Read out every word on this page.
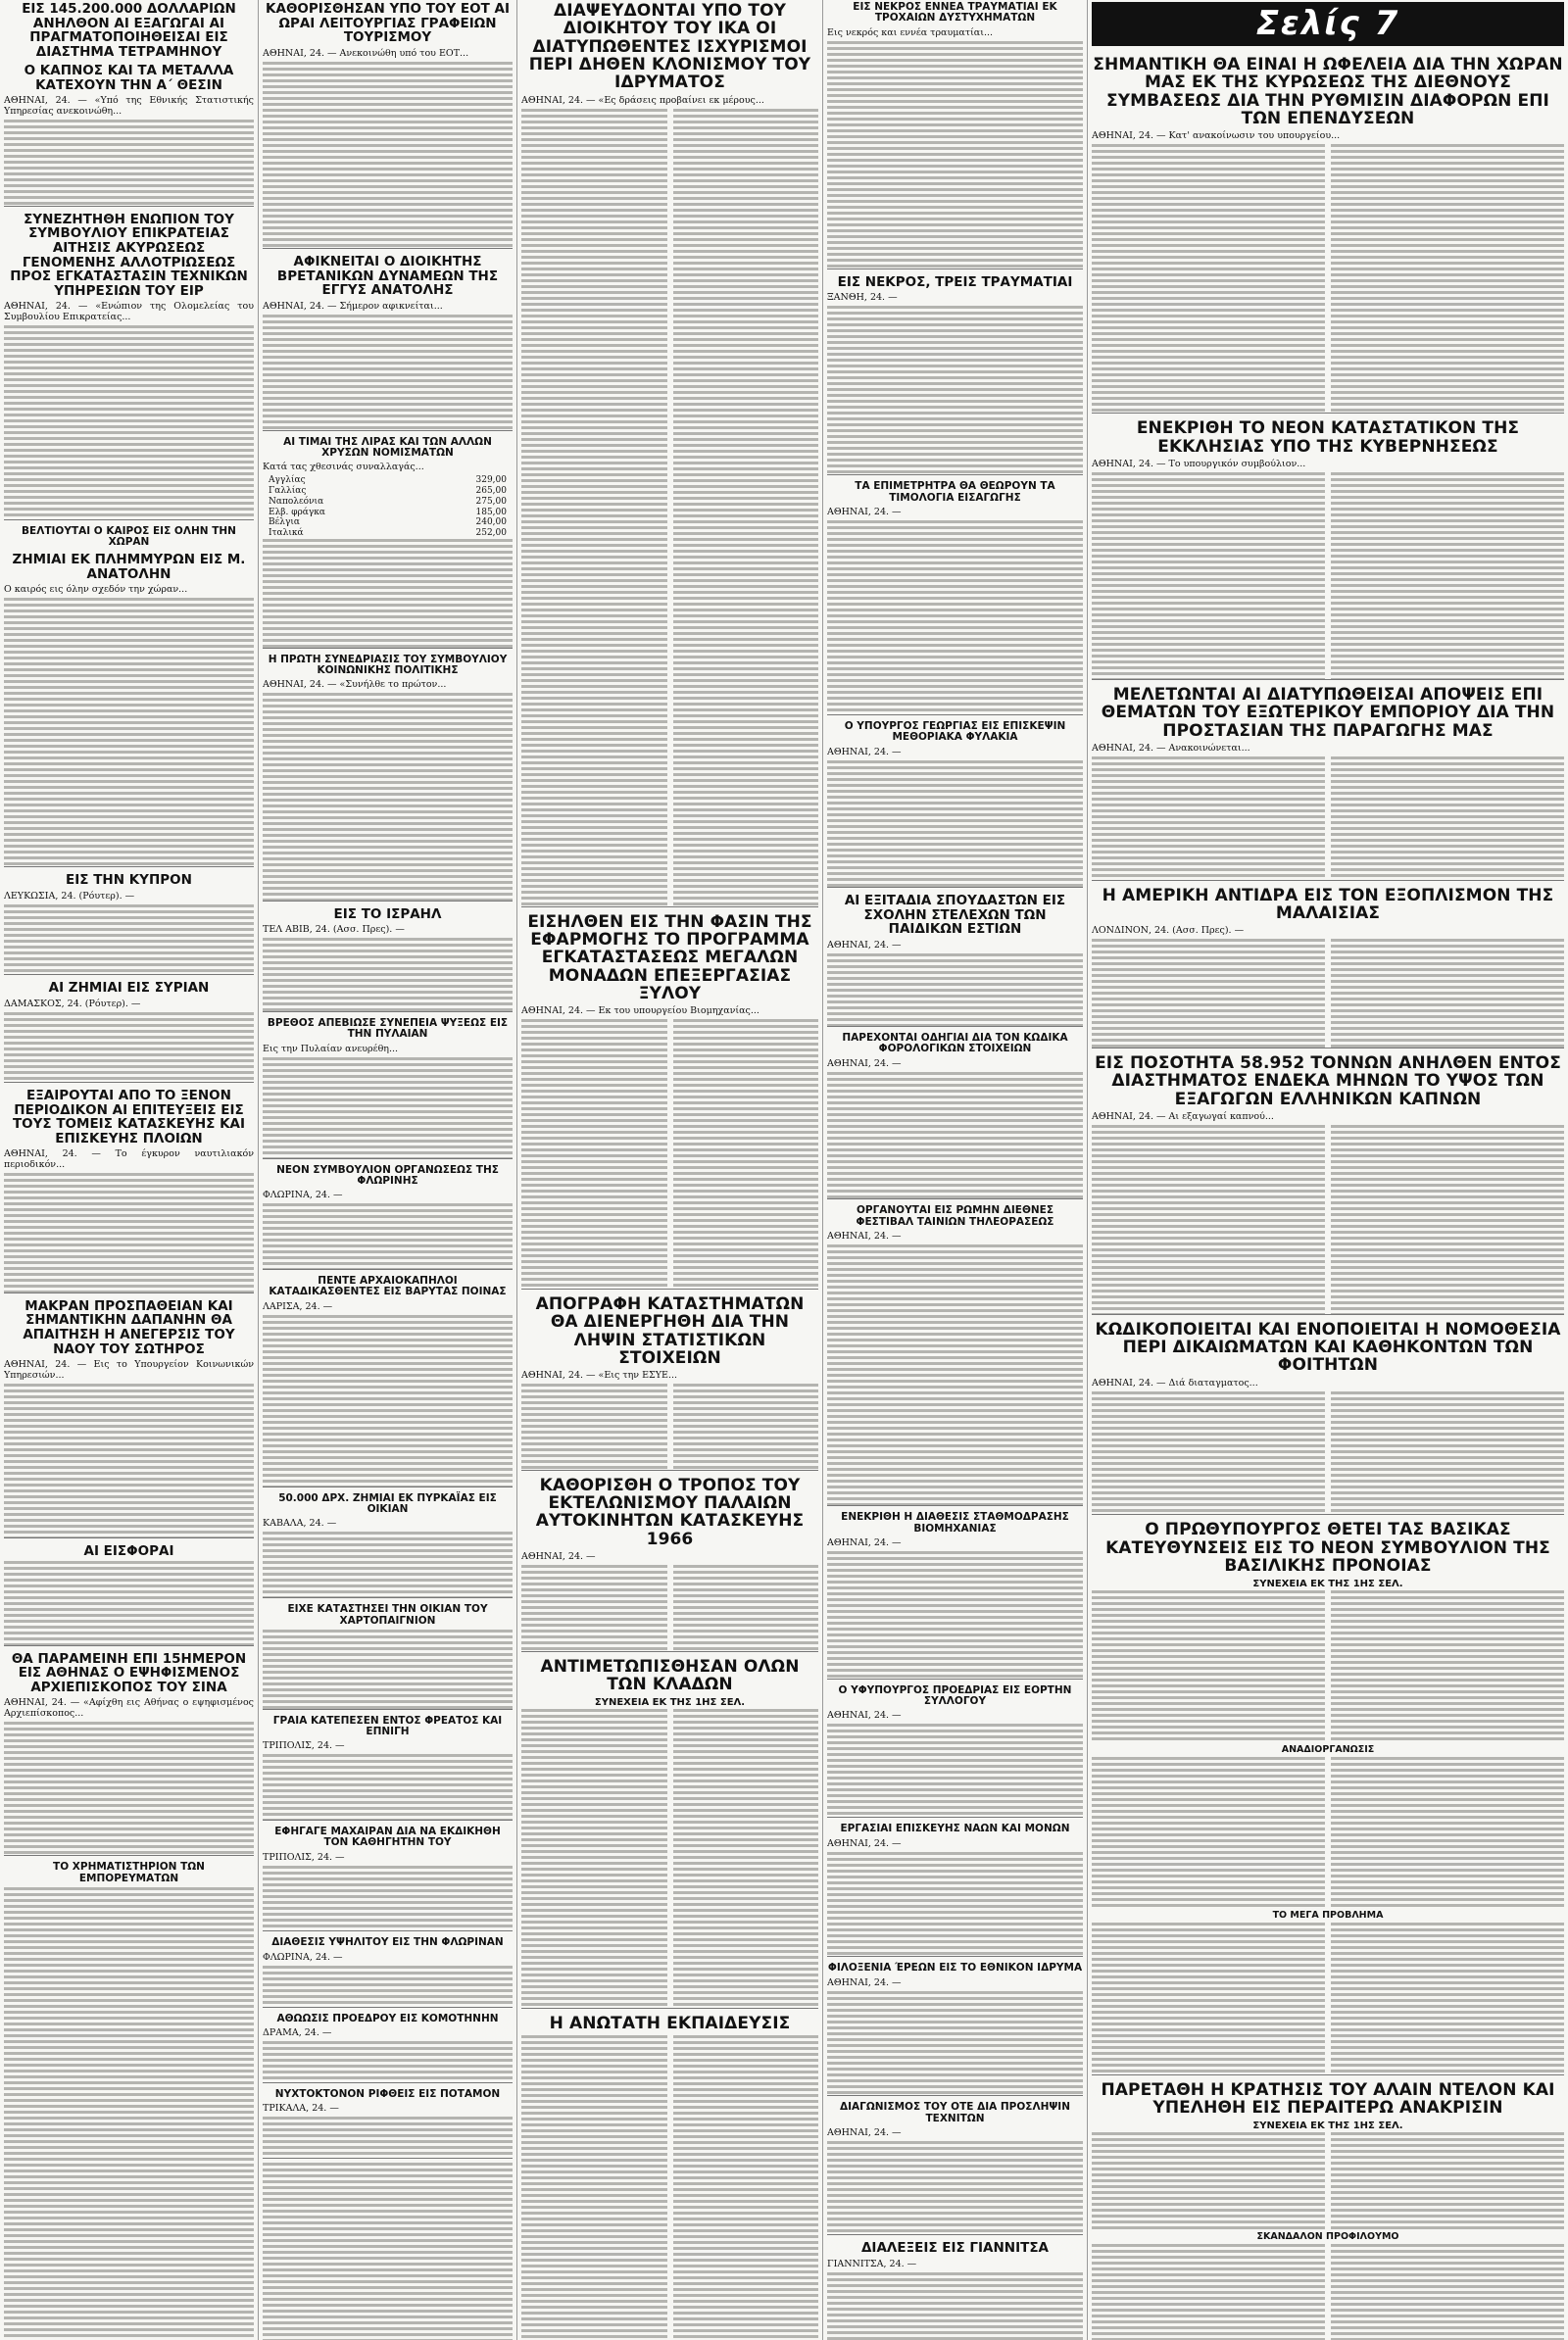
ΕΙΣ 145.200.000 ΔΟΛΛΑΡΙΩΝ ΑΝΗΛΘΟΝ ΑΙ ΕΞΑΓΩΓΑΙ ΑΙ ΠΡΑΓΜΑΤΟΠΟΙΗΘΕΙΣΑΙ ΕΙΣ ΔΙΑΣΤΗΜΑ ΤΕΤΡΑΜΗΝΟΥ
Ο ΚΑΠΝΟΣ ΚΑΙ ΤΑ ΜΕΤΑΛΛΑ ΚΑΤΕΧΟΥΝ ΤΗΝ Α΄ ΘΕΣΙΝ
ΑΘΗΝΑΙ, 24. — «Υπό της Εθνικής Στατιστικής Υπηρεσίας ανεκοινώθη...
ΣΥΝΕΖΗΤΗΘΗ ΕΝΩΠΙΟΝ ΤΟΥ ΣΥΜΒΟΥΛΙΟΥ ΕΠΙΚΡΑΤΕΙΑΣ ΑΙΤΗΣΙΣ ΑΚΥΡΩΣΕΩΣ ΓΕΝΟΜΕΝΗΣ ΑΛΛΟΤΡΙΩΣΕΩΣ ΠΡΟΣ ΕΓΚΑΤΑΣΤΑΣΙΝ ΤΕΧΝΙΚΩΝ ΥΠΗΡΕΣΙΩΝ ΤΟΥ ΕΙΡ
ΑΘΗΝΑΙ, 24. — «Ενώπιον της Ολομελείας του Συμβουλίου Επικρατείας...
ΒΕΛΤΙΟΥΤΑΙ Ο ΚΑΙΡΟΣ ΕΙΣ ΟΛΗΝ ΤΗΝ ΧΩΡΑΝ
ΖΗΜΙΑΙ ΕΚ ΠΛΗΜΜΥΡΩΝ ΕΙΣ Μ. ΑΝΑΤΟΛΗΝ
Ο καιρός εις όλην σχεδόν την χώραν...
ΕΙΣ ΤΗΝ ΚΥΠΡΟΝ
ΛΕΥΚΩΣΙΑ, 24. (Ρόυτερ). —
ΑΙ ΖΗΜΙΑΙ ΕΙΣ ΣΥΡΙΑΝ
ΔΑΜΑΣΚΟΣ, 24. (Ρόυτερ). —
ΕΞΑΙΡΟΥΤΑΙ ΑΠΟ ΤΟ ΞΕΝΟΝ ΠΕΡΙΟΔΙΚΟΝ ΑΙ ΕΠΙΤΕΥΞΕΙΣ ΕΙΣ ΤΟΥΣ ΤΟΜΕΙΣ ΚΑΤΑΣΚΕΥΗΣ ΚΑΙ ΕΠΙΣΚΕΥΗΣ ΠΛΟΙΩΝ
ΑΘΗΝΑΙ, 24. — Το έγκυρον ναυτιλιακόν περιοδικόν...
ΜΑΚΡΑΝ ΠΡΟΣΠΑΘΕΙΑΝ ΚΑΙ ΣΗΜΑΝΤΙΚΗΝ ΔΑΠΑΝΗΝ ΘΑ ΑΠΑΙΤΗΣΗ Η ΑΝΕΓΕΡΣΙΣ ΤΟΥ ΝΑΟΥ ΤΟΥ ΣΩΤΗΡΟΣ
ΑΘΗΝΑΙ, 24. — Εις το Υπουργείον Κοινωνικών Υπηρεσιών...
ΑΙ ΕΙΣΦΟΡΑΙ
ΘΑ ΠΑΡΑΜΕΙΝΗ ΕΠΙ 15ΗΜΕΡΟΝ ΕΙΣ ΑΘΗΝΑΣ Ο ΕΨΗΦΙΣΜΕΝΟΣ ΑΡΧΙΕΠΙΣΚΟΠΟΣ ΤΟΥ ΣΙΝΑ
ΑΘΗΝΑΙ, 24. — «Αφίχθη εις Αθήνας ο εψηφισμένος Αρχιεπίσκοπος...
ΤΟ ΧΡΗΜΑΤΙΣΤΗΡΙΟΝ ΤΩΝ ΕΜΠΟΡΕΥΜΑΤΩΝ
ΚΑΘΟΡΙΣΘΗΣΑΝ ΥΠΟ ΤΟΥ ΕΟΤ ΑΙ ΩΡΑΙ ΛΕΙΤΟΥΡΓΙΑΣ ΓΡΑΦΕΙΩΝ ΤΟΥΡΙΣΜΟΥ
ΑΘΗΝΑΙ, 24. — Ανεκοινώθη υπό του ΕΟΤ...
ΑΦΙΚΝΕΙΤΑΙ Ο ΔΙΟΙΚΗΤΗΣ ΒΡΕΤΑΝΙΚΩΝ ΔΥΝΑΜΕΩΝ ΤΗΣ ΕΓΓΥΣ ΑΝΑΤΟΛΗΣ
ΑΘΗΝΑΙ, 24. — Σήμερον αφικνείται...
ΑΙ ΤΙΜΑΙ ΤΗΣ ΛΙΡΑΣ ΚΑΙ ΤΩΝ ΑΛΛΩΝ ΧΡΥΣΩΝ ΝΟΜΙΣΜΑΤΩΝ
Κατά τας χθεσινάς συναλλαγάς...
Αγγλίας	329,00
Γαλλίας	265,00
Ναπολεόνια	275,00
Ελβ. φράγκα	185,00
Βέλγια	240,00
Ιταλικά	252,00
Η ΠΡΩΤΗ ΣΥΝΕΔΡΙΑΣΙΣ ΤΟΥ ΣΥΜΒΟΥΛΙΟΥ ΚΟΙΝΩΝΙΚΗΣ ΠΟΛΙΤΙΚΗΣ
ΑΘΗΝΑΙ, 24. — «Συνήλθε το πρώτον...
ΕΙΣ ΤΟ ΙΣΡΑΗΛ
ΤΕΛ ΑΒΙΒ, 24. (Ασσ. Πρες). —
ΒΡΕΘΟΣ ΑΠΕΒΙΩΣΕ ΣΥΝΕΠΕΙΑ ΨΥΞΕΩΣ ΕΙΣ ΤΗΝ ΠΥΛΑΙΑΝ
Εις την Πυλαίαν ανευρέθη...
ΝΕΟΝ ΣΥΜΒΟΥΛΙΟΝ ΟΡΓΑΝΩΣΕΩΣ ΤΗΣ ΦΛΩΡΙΝΗΣ
ΦΛΩΡΙΝΑ, 24. —
ΠΕΝΤΕ ΑΡΧΑΙΟΚΑΠΗΛΟΙ ΚΑΤΑΔΙΚΑΣΘΕΝΤΕΣ ΕΙΣ ΒΑΡΥΤΑΣ ΠΟΙΝΑΣ
ΛΑΡΙΣΑ, 24. —
50.000 ΔΡΧ. ΖΗΜΙΑΙ ΕΚ ΠΥΡΚΑΪΑΣ ΕΙΣ ΟΙΚΙΑΝ
ΚΑΒΑΛΑ, 24. —
ΕΙΧΕ ΚΑΤΑΣΤΗΣΕΙ ΤΗΝ ΟΙΚΙΑΝ ΤΟΥ ΧΑΡΤΟΠΑΙΓΝΙΟΝ
ΓΡΑΙΑ ΚΑΤΕΠΕΣΕΝ ΕΝΤΟΣ ΦΡΕΑΤΟΣ ΚΑΙ ΕΠΝΙΓΗ
ΤΡΙΠΟΛΙΣ, 24. —
ΕΦΗΓΑΓΕ ΜΑΧΑΙΡΑΝ ΔΙΑ ΝΑ ΕΚΔΙΚΗΘΗ ΤΟΝ ΚΑΘΗΓΗΤΗΝ ΤΟΥ
ΤΡΙΠΟΛΙΣ, 24. —
ΔΙΑΘΕΣΙΣ ΥΨΗΛΙΤΟΥ ΕΙΣ ΤΗΝ ΦΛΩΡΙΝΑΝ
ΦΛΩΡΙΝΑ, 24. —
ΑΘΩΩΣΙΣ ΠΡΟΕΔΡΟΥ ΕΙΣ ΚΟΜΟΤΗΝΗΝ
ΔΡΑΜΑ, 24. —
ΝΥΧΤΟΚΤΟΝΟΝ ΡΙΦΘΕΙΣ ΕΙΣ ΠΟΤΑΜΟΝ
ΤΡΙΚΑΛΑ, 24. —
ΔΙΑΨΕΥΔΟΝΤΑΙ ΥΠΟ ΤΟΥ ΔΙΟΙΚΗΤΟΥ ΤΟΥ ΙΚΑ ΟΙ ΔΙΑΤΥΠΩΘΕΝΤΕΣ ΙΣΧΥΡΙΣΜΟΙ ΠΕΡΙ ΔΗΘΕΝ ΚΛΟΝΙΣΜΟΥ ΤΟΥ ΙΔΡΥΜΑΤΟΣ
ΑΘΗΝΑΙ, 24. — «Ες δράσεις προβαίνει εκ μέρους...
ΕΙΣΗΛΘΕΝ ΕΙΣ ΤΗΝ ΦΑΣΙΝ ΤΗΣ ΕΦΑΡΜΟΓΗΣ ΤΟ ΠΡΟΓΡΑΜΜΑ ΕΓΚΑΤΑΣΤΑΣΕΩΣ ΜΕΓΑΛΩΝ ΜΟΝΑΔΩΝ ΕΠΕΞΕΡΓΑΣΙΑΣ ΞΥΛΟΥ
ΑΘΗΝΑΙ, 24. — Εκ του υπουργείου Βιομηχανίας...
ΑΠΟΓΡΑΦΗ ΚΑΤΑΣΤΗΜΑΤΩΝ ΘΑ ΔΙΕΝΕΡΓΗΘΗ ΔΙΑ ΤΗΝ ΛΗΨΙΝ ΣΤΑΤΙΣΤΙΚΩΝ ΣΤΟΙΧΕΙΩΝ
ΑΘΗΝΑΙ, 24. — «Εις την ΕΣΥΕ...
ΚΑΘΟΡΙΣΘΗ Ο ΤΡΟΠΟΣ ΤΟΥ ΕΚΤΕΛΩΝΙΣΜΟΥ ΠΑΛΑΙΩΝ ΑΥΤΟΚΙΝΗΤΩΝ ΚΑΤΑΣΚΕΥΗΣ 1966
ΑΘΗΝΑΙ, 24. —
ΑΝΤΙΜΕΤΩΠΙΣΘΗΣΑΝ ΟΛΩΝ ΤΩΝ ΚΛΑΔΩΝ
ΣΥΝΕΧΕΙΑ ΕΚ ΤΗΣ 1ΗΣ ΣΕΛ.
Η ΑΝΩΤΑΤΗ ΕΚΠΑΙΔΕΥΣΙΣ
ΕΙΣ ΝΕΚΡΟΣ ΕΝΝΕΑ ΤΡΑΥΜΑΤΙΑΙ ΕΚ ΤΡΟΧΑΙΩΝ ΔΥΣΤΥΧΗΜΑΤΩΝ
Εις νεκρός και εννέα τραυματίαι...
ΕΙΣ ΝΕΚΡΟΣ, ΤΡΕΙΣ ΤΡΑΥΜΑΤΙΑΙ
ΞΑΝΘΗ, 24. —
ΤΑ ΕΠΙΜΕΤΡΗΤΡΑ ΘΑ ΘΕΩΡΟΥΝ ΤΑ ΤΙΜΟΛΟΓΙΑ ΕΙΣΑΓΩΓΗΣ
ΑΘΗΝΑΙ, 24. —
Ο ΥΠΟΥΡΓΟΣ ΓΕΩΡΓΙΑΣ ΕΙΣ ΕΠΙΣΚΕΨΙΝ ΜΕΘΟΡΙΑΚΑ ΦΥΛΑΚΙΑ
ΑΘΗΝΑΙ, 24. —
ΑΙ ΕΞΙΤΑΔΙΑ ΣΠΟΥΔΑΣΤΩΝ ΕΙΣ ΣΧΟΛΗΝ ΣΤΕΛΕΧΩΝ ΤΩΝ ΠΑΙΔΙΚΩΝ ΕΣΤΙΩΝ
ΑΘΗΝΑΙ, 24. —
ΠΑΡΕΧΟΝΤΑΙ ΟΔΗΓΙΑΙ ΔΙΑ ΤΟΝ ΚΩΔΙΚΑ ΦΟΡΟΛΟΓΙΚΩΝ ΣΤΟΙΧΕΙΩΝ
ΑΘΗΝΑΙ, 24. —
ΟΡΓΑΝΟΥΤΑΙ ΕΙΣ ΡΩΜΗΝ ΔΙΕΘΝΕΣ ΦΕΣΤΙΒΑΛ ΤΑΙΝΙΩΝ ΤΗΛΕΟΡΑΣΕΩΣ
ΑΘΗΝΑΙ, 24. —
ΕΝΕΚΡΙΘΗ Η ΔΙΑΘΕΣΙΣ ΣΤΑΘΜΟΔΡΑΣΗΣ ΒΙΟΜΗΧΑΝΙΑΣ
ΑΘΗΝΑΙ, 24. —
Ο ΥΦΥΠΟΥΡΓΟΣ ΠΡΟΕΔΡΙΑΣ ΕΙΣ ΕΟΡΤΗΝ ΣΥΛΛΟΓΟΥ
ΑΘΗΝΑΙ, 24. —
ΕΡΓΑΣΙΑΙ ΕΠΙΣΚΕΥΗΣ ΝΑΩΝ ΚΑΙ ΜΟΝΩΝ
ΑΘΗΝΑΙ, 24. —
ΦΙΛΟΞΕΝΙΑ ΈΡΕΩΝ ΕΙΣ ΤΟ ΕΘΝΙΚΟΝ ΙΔΡΥΜΑ
ΑΘΗΝΑΙ, 24. —
ΔΙΑΓΩΝΙΣΜΟΣ ΤΟΥ ΟΤΕ ΔΙΑ ΠΡΟΣΛΗΨΙΝ ΤΕΧΝΙΤΩΝ
ΑΘΗΝΑΙ, 24. —
ΔΙΑΛΕΞΕΙΣ ΕΙΣ ΓΙΑΝΝΙΤΣΑ
ΓΙΑΝΝΙΤΣΑ, 24. —
Σελίς 7
ΣΗΜΑΝΤΙΚΗ ΘΑ ΕΙΝΑΙ Η ΩΦΕΛΕΙΑ ΔΙΑ ΤΗΝ ΧΩΡΑΝ ΜΑΣ ΕΚ ΤΗΣ ΚΥΡΩΣΕΩΣ ΤΗΣ ΔΙΕΘΝΟΥΣ ΣΥΜΒΑΣΕΩΣ ΔΙΑ ΤΗΝ ΡΥΘΜΙΣΙΝ ΔΙΑΦΟΡΩΝ ΕΠΙ ΤΩΝ ΕΠΕΝΔΥΣΕΩΝ
ΑΘΗΝΑΙ, 24. — Κατ' ανακοίνωσιν του υπουργείου...
ΕΝΕΚΡΙΘΗ ΤΟ ΝΕΟΝ ΚΑΤΑΣΤΑΤΙΚΟΝ ΤΗΣ ΕΚΚΛΗΣΙΑΣ ΥΠΟ ΤΗΣ ΚΥΒΕΡΝΗΣΕΩΣ
ΑΘΗΝΑΙ, 24. — Το υπουργικόν συμβούλιον...
ΜΕΛΕΤΩΝΤΑΙ ΑΙ ΔΙΑΤΥΠΩΘΕΙΣΑΙ ΑΠΟΨΕΙΣ ΕΠΙ ΘΕΜΑΤΩΝ ΤΟΥ ΕΞΩΤΕΡΙΚΟΥ ΕΜΠΟΡΙΟΥ ΔΙΑ ΤΗΝ ΠΡΟΣΤΑΣΙΑΝ ΤΗΣ ΠΑΡΑΓΩΓΗΣ ΜΑΣ
ΑΘΗΝΑΙ, 24. — Ανακοινώνεται...
Η ΑΜΕΡΙΚΗ ΑΝΤΙΔΡΑ ΕΙΣ ΤΟΝ ΕΞΟΠΛΙΣΜΟΝ ΤΗΣ ΜΑΛΑΙΣΙΑΣ
ΛΟΝΔΙΝΟΝ, 24. (Ασσ. Πρες). —
ΕΙΣ ΠΟΣΟΤΗΤΑ 58.952 ΤΟΝΝΩΝ ΑΝΗΛΘΕΝ ΕΝΤΟΣ ΔΙΑΣΤΗΜΑΤΟΣ ΕΝΔΕΚΑ ΜΗΝΩΝ ΤΟ ΥΨΟΣ ΤΩΝ ΕΞΑΓΩΓΩΝ ΕΛΛΗΝΙΚΩΝ ΚΑΠΝΩΝ
ΑΘΗΝΑΙ, 24. — Αι εξαγωγαί καπνού...
ΚΩΔΙΚΟΠΟΙΕΙΤΑΙ ΚΑΙ ΕΝΟΠΟΙΕΙΤΑΙ Η ΝΟΜΟΘΕΣΙΑ ΠΕΡΙ ΔΙΚΑΙΩΜΑΤΩΝ ΚΑΙ ΚΑΘΗΚΟΝΤΩΝ ΤΩΝ ΦΟΙΤΗΤΩΝ
ΑΘΗΝΑΙ, 24. — Διά διαταγματος...
Ο ΠΡΩΘΥΠΟΥΡΓΟΣ ΘΕΤΕΙ ΤΑΣ ΒΑΣΙΚΑΣ ΚΑΤΕΥΘΥΝΣΕΙΣ ΕΙΣ ΤΟ ΝΕΟΝ ΣΥΜΒΟΥΛΙΟΝ ΤΗΣ ΒΑΣΙΛΙΚΗΣ ΠΡΟΝΟΙΑΣ
ΣΥΝΕΧΕΙΑ ΕΚ ΤΗΣ 1ΗΣ ΣΕΛ.
ΑΝΑΔΙΟΡΓΑΝΩΣΙΣ
ΤΟ ΜΕΓΑ ΠΡΟΒΛΗΜΑ
ΠΑΡΕΤΑΘΗ Η ΚΡΑΤΗΣΙΣ ΤΟΥ ΑΛΑΙΝ ΝΤΕΛΟΝ ΚΑΙ ΥΠΕΛΗΘΗ ΕΙΣ ΠΕΡΑΙΤΕΡΩ ΑΝΑΚΡΙΣΙΝ
ΣΥΝΕΧΕΙΑ ΕΚ ΤΗΣ 1ΗΣ ΣΕΛ.
ΣΚΑΝΔΑΛΟΝ ΠΡΟΦΙΛΟΥΜΟ
